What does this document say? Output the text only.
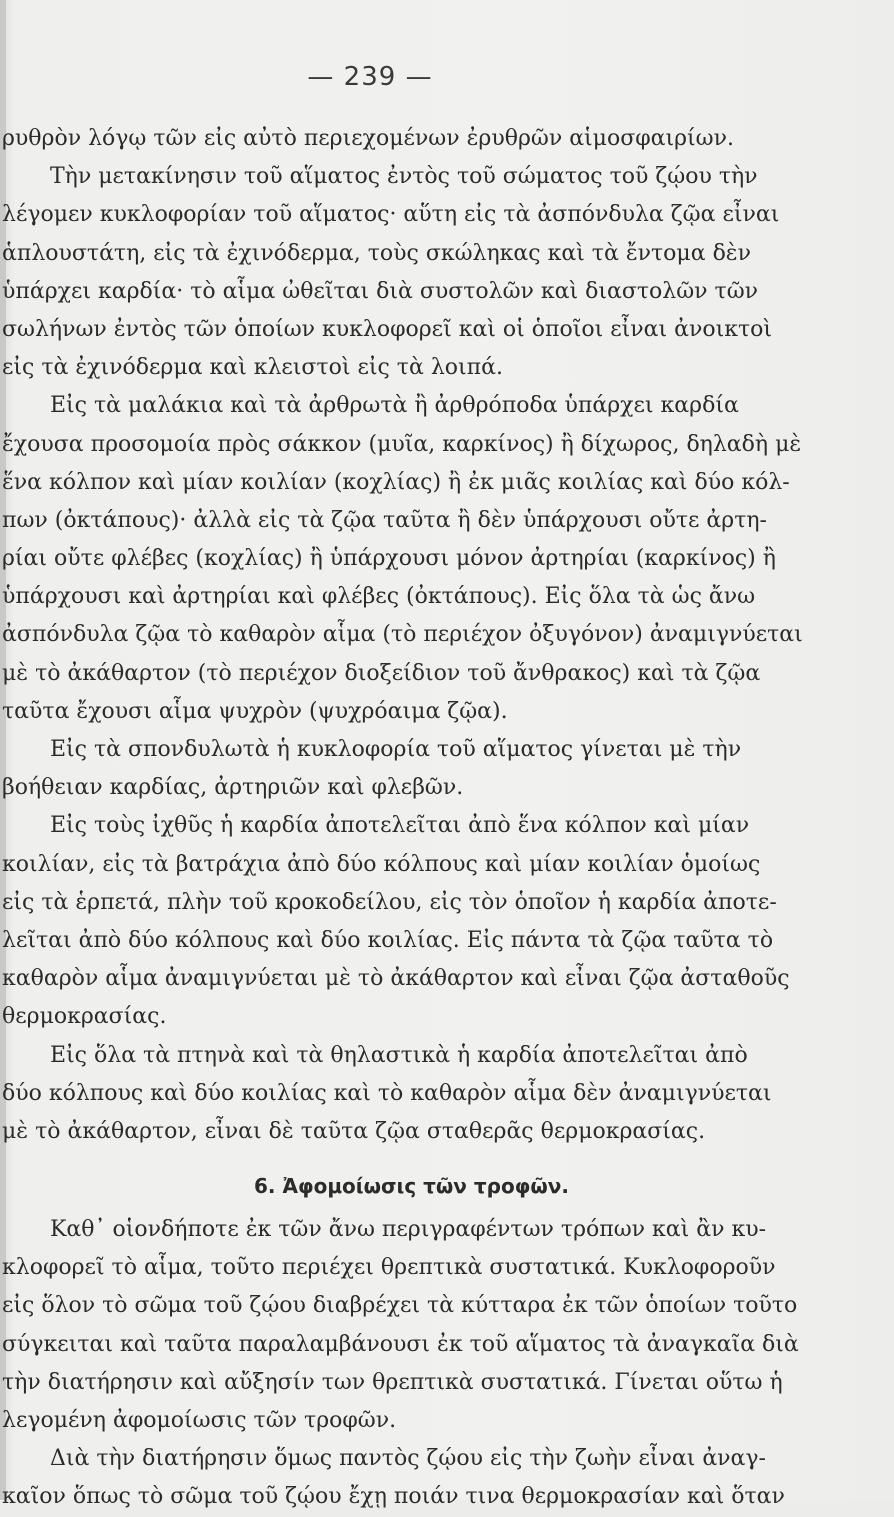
— 239 —
ρυθρὸν λόγῳ τῶν εἰς αὐτὸ περιεχομένων ἐρυθρῶν αἱμοσφαιρίων.
Τὴν μετακίνησιν τοῦ αἵματος ἐντὸς τοῦ σώματος τοῦ ζῴου τὴν
λέγομεν κυκλοφορίαν τοῦ αἵματος· αὕτη εἰς τὰ ἀσπόνδυλα ζῷα εἶναι
ἁπλουστάτη, εἰς τὰ ἐχινόδερμα, τοὺς σκώληκας καὶ τὰ ἔντομα δὲν
ὑπάρχει καρδία· τὸ αἷμα ὠθεῖται διὰ συστολῶν καὶ διαστολῶν τῶν
σωλήνων ἐντὸς τῶν ὁποίων κυκλοφορεῖ καὶ οἱ ὁποῖοι εἶναι ἀνοικτοὶ
εἰς τὰ ἐχινόδερμα καὶ κλειστοὶ εἰς τὰ λοιπά.
Εἰς τὰ μαλάκια καὶ τὰ ἀρθρωτὰ ἢ ἀρθρόποδα ὑπάρχει καρδία
ἔχουσα προσομοία πρὸς σάκκον (μυῖα, καρκίνος) ἢ δίχωρος, δηλαδὴ μὲ
ἕνα κόλπον καὶ μίαν κοιλίαν (κοχλίας) ἢ ἐκ μιᾶς κοιλίας καὶ δύο κόλ-
πων (ὀκτάπους)· ἀλλὰ εἰς τὰ ζῷα ταῦτα ἢ δὲν ὑπάρχουσι οὔτε ἀρτη-
ρίαι οὔτε φλέβες (κοχλίας) ἢ ὑπάρχουσι μόνον ἀρτηρίαι (καρκίνος) ἢ
ὑπάρχουσι καὶ ἀρτηρίαι καὶ φλέβες (ὀκτάπους). Εἰς ὅλα τὰ ὡς ἄνω
ἀσπόνδυλα ζῷα τὸ καθαρὸν αἷμα (τὸ περιέχον ὀξυγόνον) ἀναμιγνύεται
μὲ τὸ ἀκάθαρτον (τὸ περιέχον διοξείδιον τοῦ ἄνθρακος) καὶ τὰ ζῷα
ταῦτα ἔχουσι αἷμα ψυχρὸν (ψυχρόαιμα ζῷα).
Εἰς τὰ σπονδυλωτὰ ἡ κυκλοφορία τοῦ αἵματος γίνεται μὲ τὴν
βοήθειαν καρδίας, ἀρτηριῶν καὶ φλεβῶν.
Εἰς τοὺς ἰχθῦς ἡ καρδία ἀποτελεῖται ἀπὸ ἕνα κόλπον καὶ μίαν
κοιλίαν, εἰς τὰ βατράχια ἀπὸ δύο κόλπους καὶ μίαν κοιλίαν ὁμοίως
εἰς τὰ ἑρπετά, πλὴν τοῦ κροκοδείλου, εἰς τὸν ὁποῖον ἡ καρδία ἀποτε-
λεῖται ἀπὸ δύο κόλπους καὶ δύο κοιλίας. Εἰς πάντα τὰ ζῷα ταῦτα τὸ
καθαρὸν αἷμα ἀναμιγνύεται μὲ τὸ ἀκάθαρτον καὶ εἶναι ζῷα ἀσταθοῦς
θερμοκρασίας.
Εἰς ὅλα τὰ πτηνὰ καὶ τὰ θηλαστικὰ ἡ καρδία ἀποτελεῖται ἀπὸ
δύο κόλπους καὶ δύο κοιλίας καὶ τὸ καθαρὸν αἷμα δὲν ἀναμιγνύεται
μὲ τὸ ἀκάθαρτον, εἶναι δὲ ταῦτα ζῷα σταθερᾶς θερμοκρασίας.
6. Ἀφομοίωσις τῶν τροφῶν.
Καθ᾽ οἱονδήποτε ἐκ τῶν ἄνω περιγραφέντων τρόπων καὶ ἂν κυ-
κλοφορεῖ τὸ αἷμα, τοῦτο περιέχει θρεπτικὰ συστατικά. Κυκλοφοροῦν
εἰς ὅλον τὸ σῶμα τοῦ ζῴου διαβρέχει τὰ κύτταρα ἐκ τῶν ὁποίων τοῦτο
σύγκειται καὶ ταῦτα παραλαμβάνουσι ἐκ τοῦ αἵματος τὰ ἀναγκαῖα διὰ
τὴν διατήρησιν καὶ αὔξησίν των θρεπτικὰ συστατικά. Γίνεται οὕτω ἡ
λεγομένη ἀφομοίωσις τῶν τροφῶν.
Διὰ τὴν διατήρησιν ὅμως παντὸς ζῴου εἰς τὴν ζωὴν εἶναι ἀναγ-
καῖον ὅπως τὸ σῶμα τοῦ ζῴου ἔχῃ ποιάν τινα θερμοκρασίαν καὶ ὅταν
